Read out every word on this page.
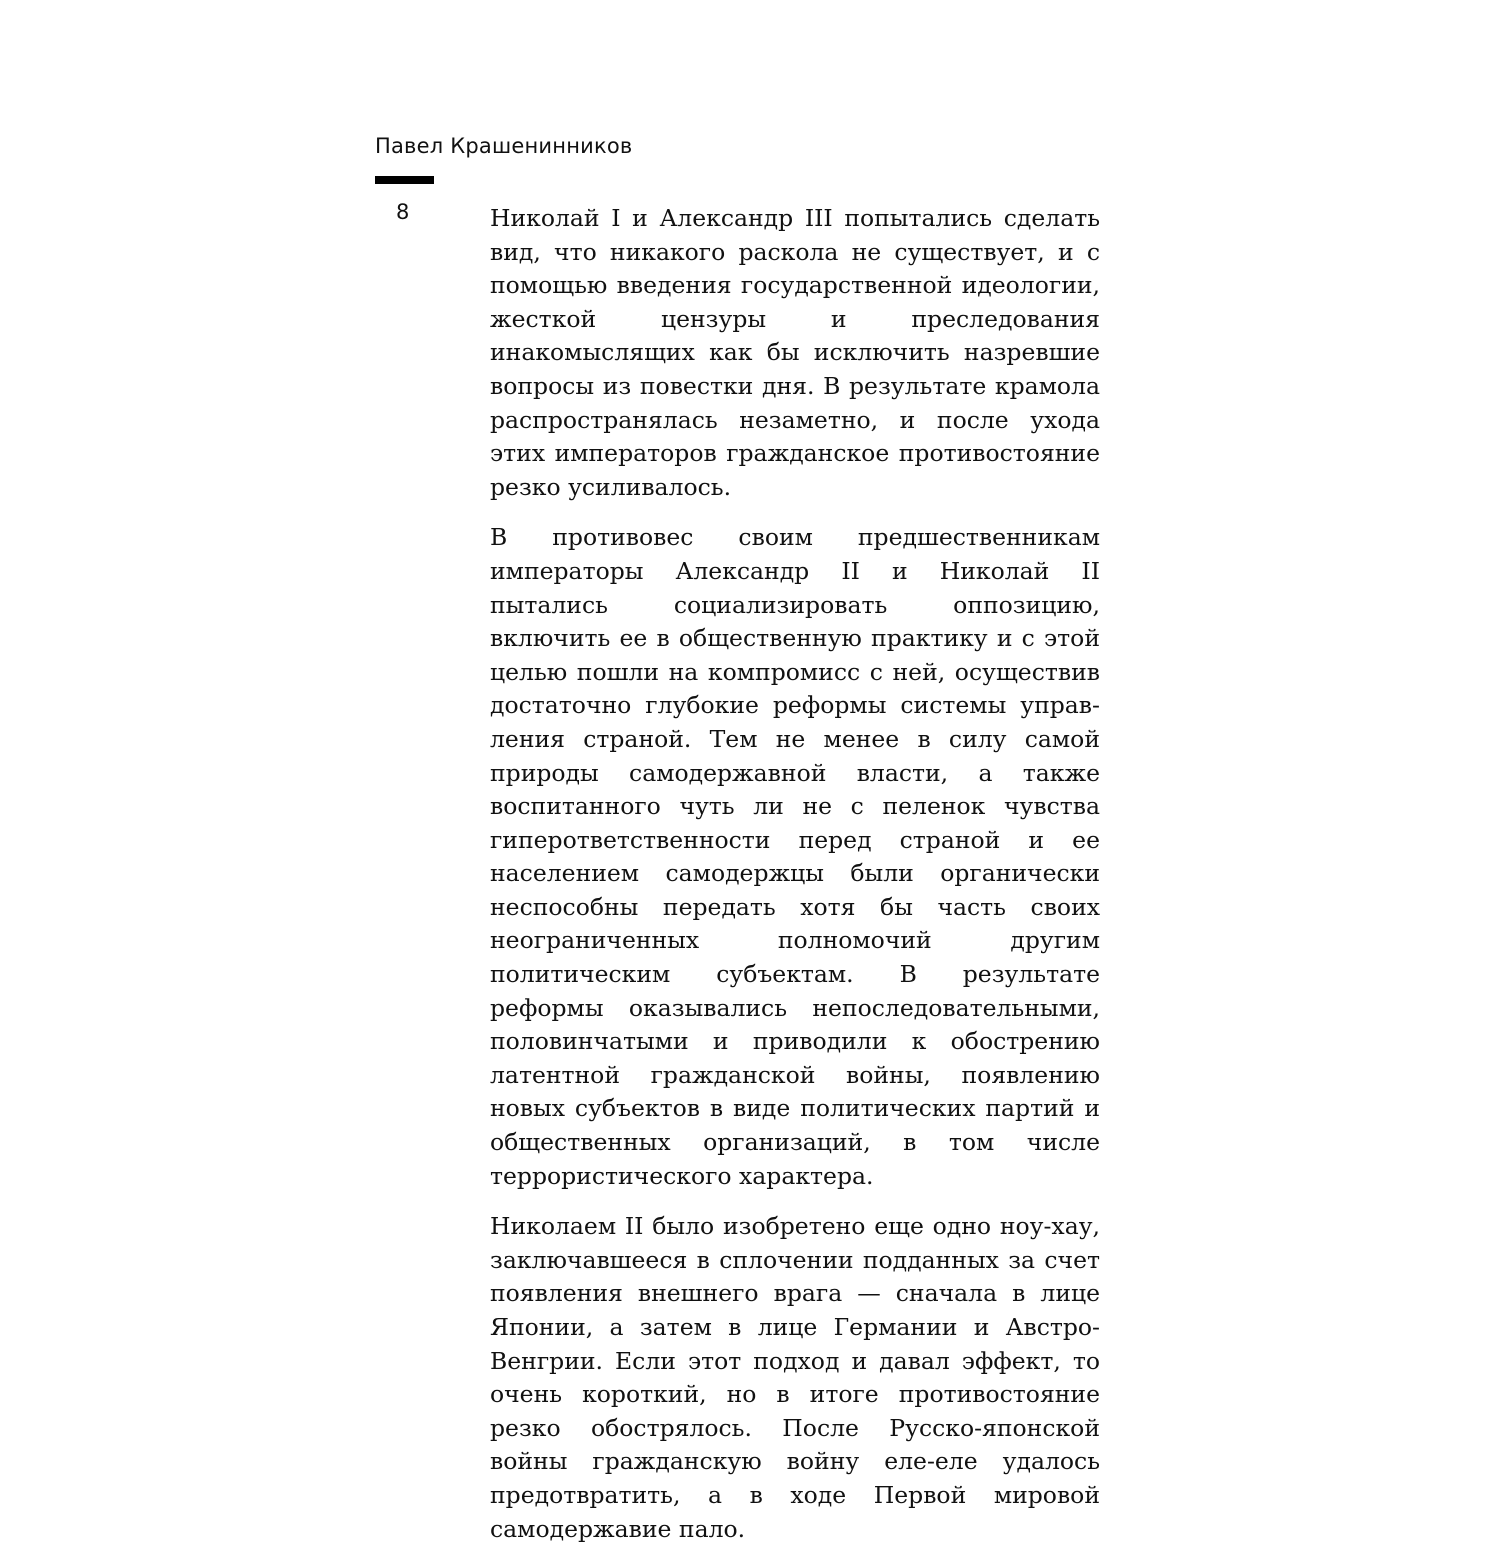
Павел Крашенинников
8	Николай I и Александр III попытались сделать вид, что никакого раскола не существует, и с помощью введения государственной идеологии, жесткой цензуры и преследования инакомыслящих как бы исключить назревшие вопросы из повестки дня. В результате крамола распространялась незаметно, и после ухода этих императоров гражданское противостояние резко усиливалось.

В противовес своим предшественникам императоры Александр II и Николай II пытались социализировать оппозицию, включить ее в общественную практику и с этой целью пошли на компромисс с ней, осуществив достаточно глубокие реформы системы управления страной. Тем не менее в силу самой природы самодержавной власти, а также воспитанного чуть ли не с пеленок чувства гиперответственности перед страной и ее населением самодержцы были органически неспособны передать хотя бы часть своих неограниченных полномочий другим политическим субъектам. В результате реформы оказывались непоследовательными, половинчатыми и приводили к обострению латентной гражданской войны, появлению новых субъектов в виде политических партий и общественных организаций, в том числе террористического характера.

Николаем II было изобретено еще одно ноу-хау, заключавшееся в сплочении подданных за счет появления внешнего врага — сначала в лице Японии, а затем в лице Германии и Австро-Венгрии. Если этот подход и давал эффект, то очень короткий, но в итоге противостояние резко обострялось. После Русско-японской войны гражданскую войну еле-еле удалось предотвратить, а в ходе Первой мировой самодержавие пало.
